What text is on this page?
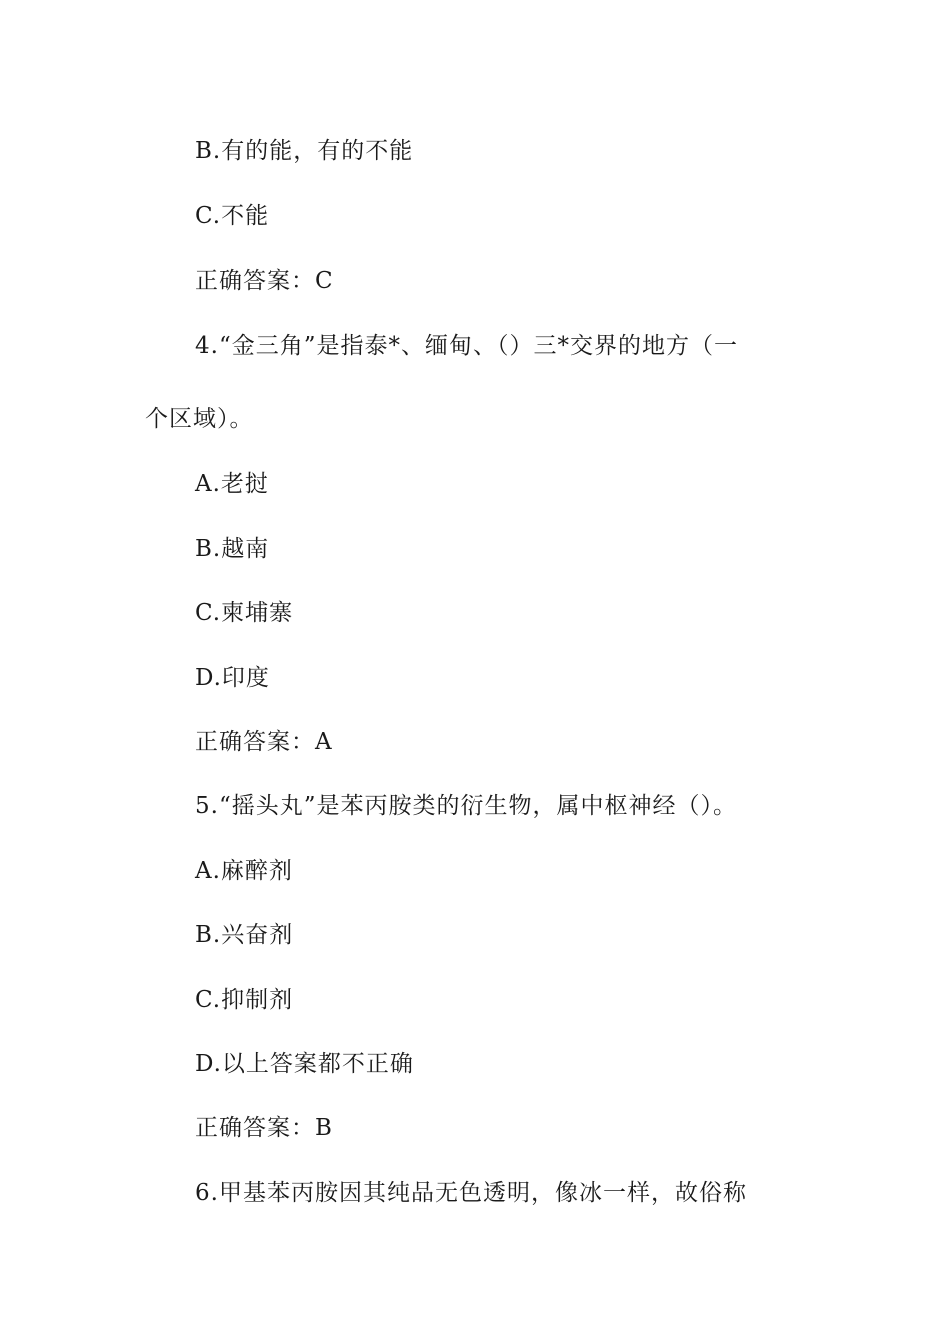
B.有的能，有的不能
C.不能
正确答案：C
4.“金三角”是指泰*、缅甸、（）三*交界的地方（一
个区域）。
A.老挝
B.越南
C.柬埔寨
D.印度
正确答案：A
5.“摇头丸”是苯丙胺类的衍生物，属中枢神经（）。
A.麻醉剂
B.兴奋剂
C.抑制剂
D.以上答案都不正确
正确答案：B
6.甲基苯丙胺因其纯品无色透明，像冰一样，故俗称
